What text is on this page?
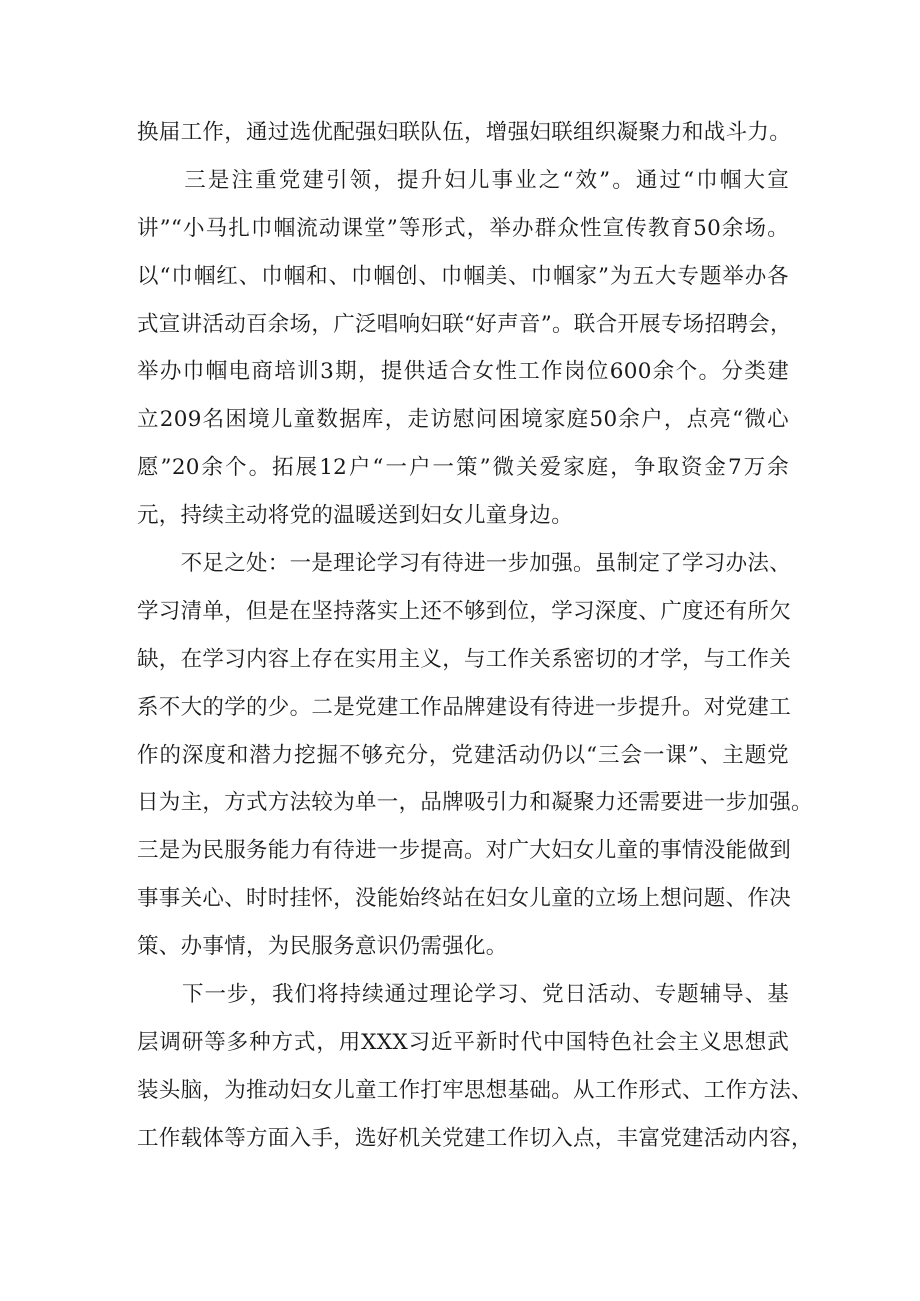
换届工作，通过选优配强妇联队伍，增强妇联组织凝聚力和战斗力。
　　三是注重党建引领，提升妇儿事业之“效”。通过“巾帼大宣
讲”“小马扎巾帼流动课堂”等形式，举办群众性宣传教育50余场。
以“巾帼红、巾帼和、巾帼创、巾帼美、巾帼家”为五大专题举办各
式宣讲活动百余场，广泛唱响妇联“好声音”。联合开展专场招聘会，
举办巾帼电商培训3期，提供适合女性工作岗位600余个。分类建
立209名困境儿童数据库，走访慰问困境家庭50余户，点亮“微心
愿”20余个。拓展12户“一户一策”微关爱家庭，争取资金7万余
元，持续主动将党的温暖送到妇女儿童身边。
　　不足之处：一是理论学习有待进一步加强。虽制定了学习办法、
学习清单，但是在坚持落实上还不够到位，学习深度、广度还有所欠
缺，在学习内容上存在实用主义，与工作关系密切的才学，与工作关
系不大的学的少。二是党建工作品牌建设有待进一步提升。对党建工
作的深度和潜力挖掘不够充分，党建活动仍以“三会一课”、主题党
日为主，方式方法较为单一，品牌吸引力和凝聚力还需要进一步加强。
三是为民服务能力有待进一步提高。对广大妇女儿童的事情没能做到
事事关心、时时挂怀，没能始终站在妇女儿童的立场上想问题、作决
策、办事情，为民服务意识仍需强化。
　　下一步，我们将持续通过理论学习、党日活动、专题辅导、基
层调研等多种方式，用XXX习近平新时代中国特色社会主义思想武
装头脑，为推动妇女儿童工作打牢思想基础。从工作形式、工作方法、
工作载体等方面入手，选好机关党建工作切入点，丰富党建活动内容，
